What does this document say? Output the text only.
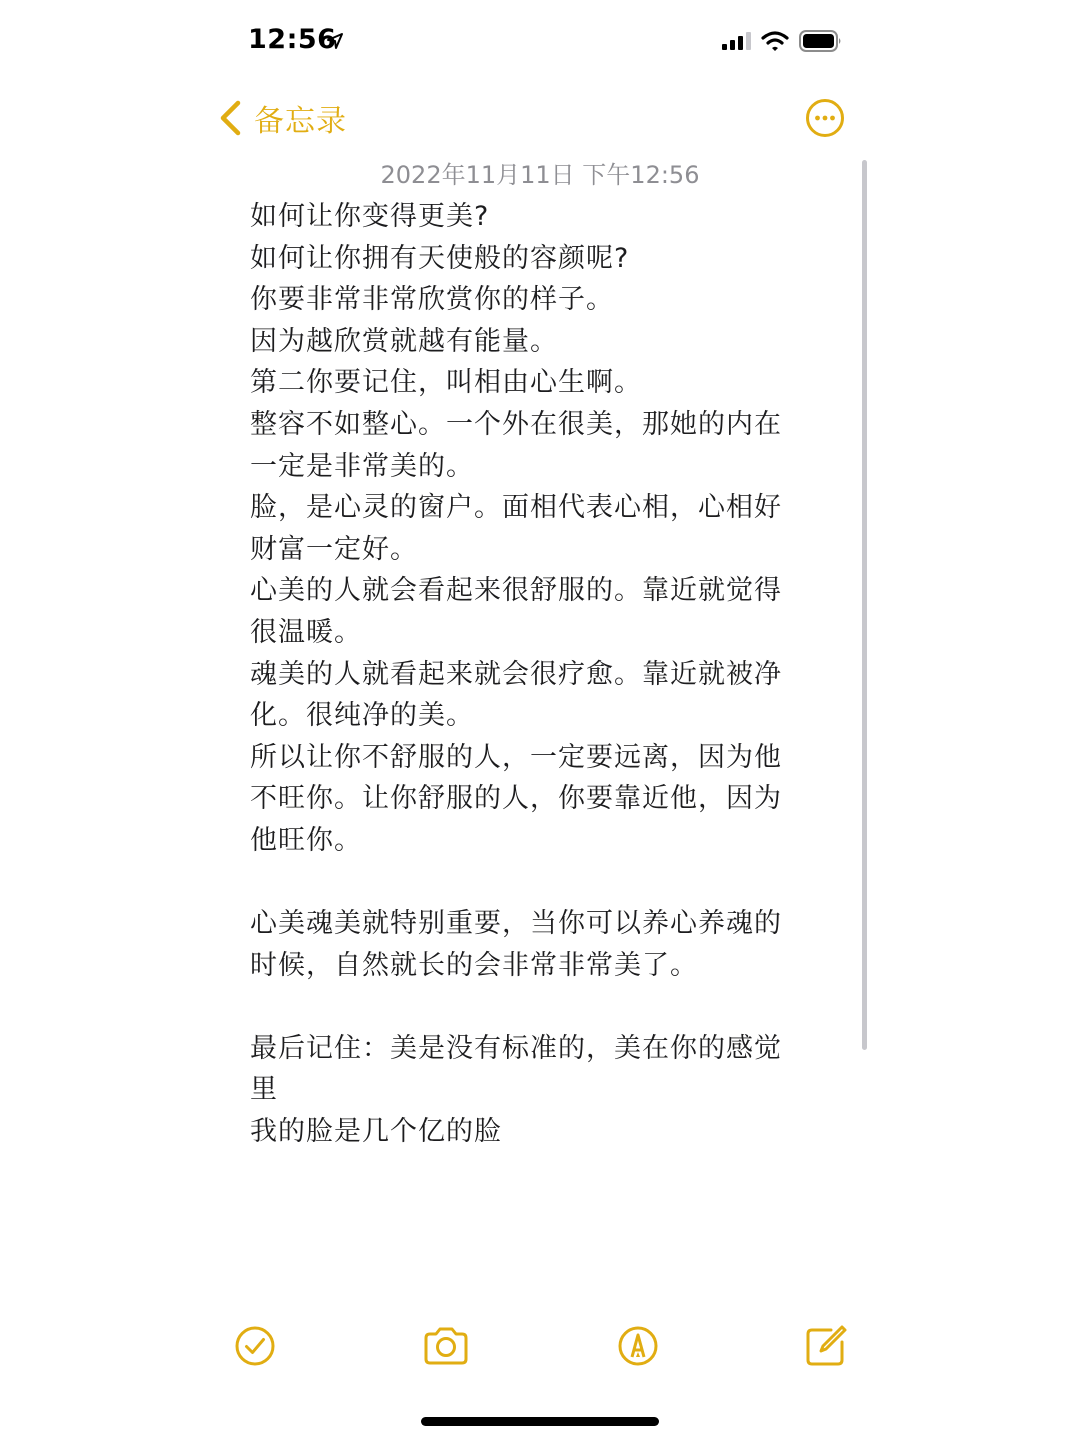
12:56
备忘录
2022年11月11日 下午12:56
如何让你变得更美?
如何让你拥有天使般的容颜呢?
你要非常非常欣赏你的样子。
因为越欣赏就越有能量。
第二你要记住，叫相由心生啊。
整容不如整心。一个外在很美，那她的内在
一定是非常美的。
脸，是心灵的窗户。面相代表心相，心相好
财富一定好。
心美的人就会看起来很舒服的。靠近就觉得
很温暖。
魂美的人就看起来就会很疗愈。靠近就被净
化。很纯净的美。
所以让你不舒服的人，一定要远离，因为他
不旺你。让你舒服的人，你要靠近他，因为
他旺你。
心美魂美就特别重要，当你可以养心养魂的
时候，自然就长的会非常非常美了。
最后记住：美是没有标准的，美在你的感觉
里
我的脸是几个亿的脸
